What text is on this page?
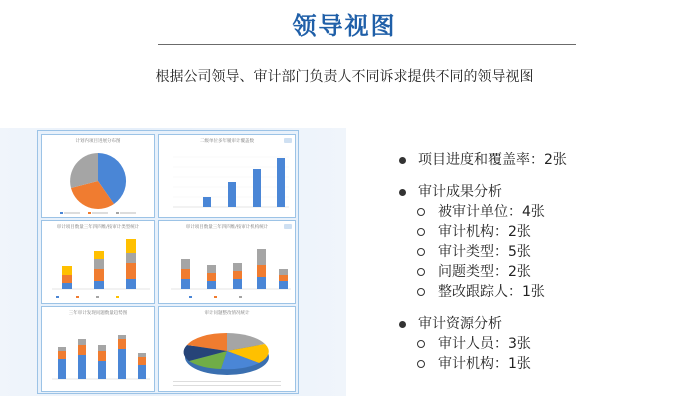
领导视图
根据公司领导、审计部门负责人不同诉求提供不同的领导视图
计划内项目进展分布图	二级单位多年履审计覆盖数
审计项目数量三年四四维/按审计类型统计	审计项目数量三年四四维/按审计机构统计
三年审计发现问题数量趋势图	审计问题整改情况统计
项目进度和覆盖率：2张
审计成果分析
被审计单位：4张
审计机构：2张
审计类型：5张
问题类型：2张
整改跟踪人：1张
审计资源分析
审计人员：3张
审计机构：1张
